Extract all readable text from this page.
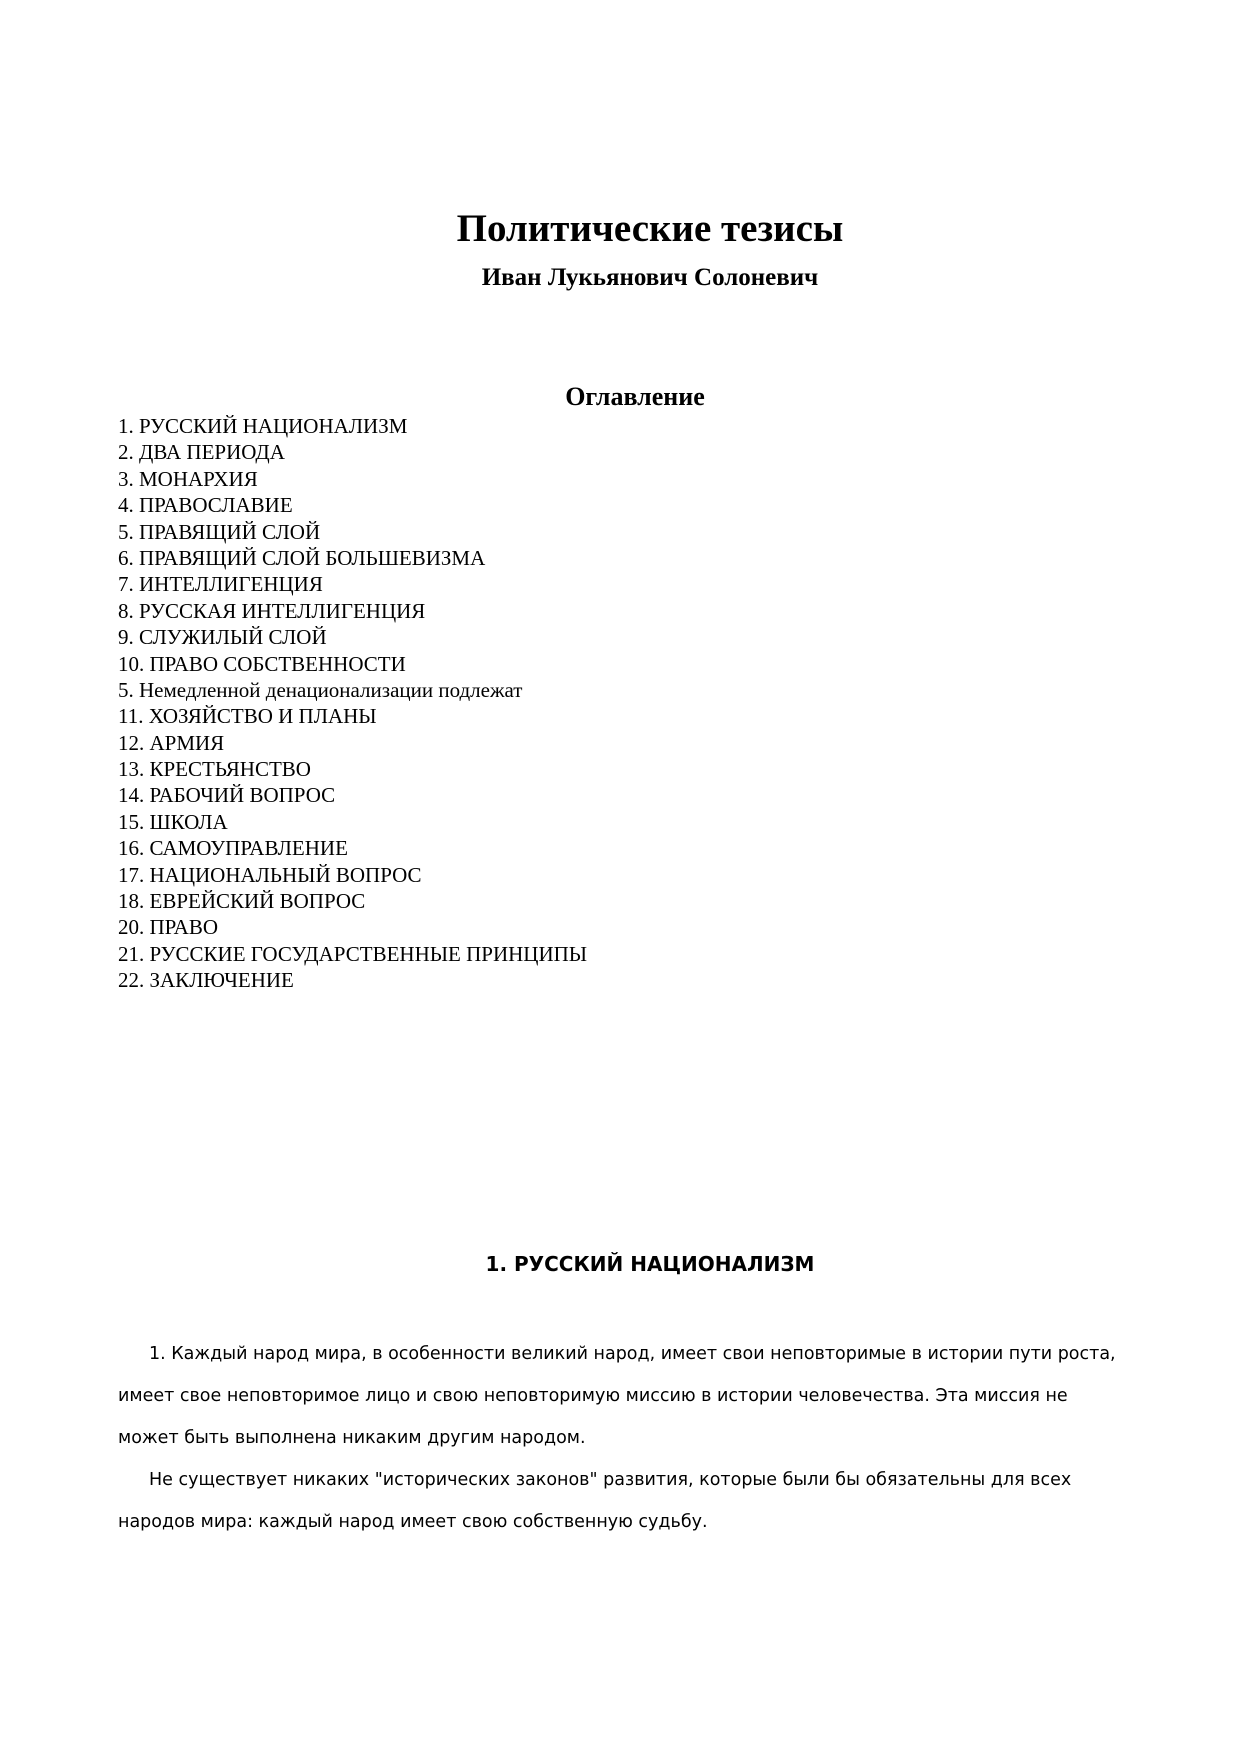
Политические тезисы
Иван Лукьянович Солоневич
Оглавление
1. РУССКИЙ НАЦИОНАЛИЗМ
2. ДВА ПЕРИОДА
3. МОНАРХИЯ
4. ПРАВОСЛАВИЕ
5. ПРАВЯЩИЙ СЛОЙ
6. ПРАВЯЩИЙ СЛОЙ БОЛЬШЕВИЗМА
7. ИНТЕЛЛИГЕНЦИЯ
8. РУССКАЯ ИНТЕЛЛИГЕНЦИЯ
9. СЛУЖИЛЫЙ СЛОЙ
10. ПРАВО СОБСТВЕННОСТИ
5. Немедленной денационализации подлежат
11. ХОЗЯЙСТВО И ПЛАНЫ
12. АРМИЯ
13. КРЕСТЬЯНСТВО
14. РАБОЧИЙ ВОПРОС
15. ШКОЛА
16. САМОУПРАВЛЕНИЕ
17. НАЦИОНАЛЬНЫЙ ВОПРОС
18. ЕВРЕЙСКИЙ ВОПРОС
20. ПРАВО
21. РУССКИЕ ГОСУДАРСТВЕННЫЕ ПРИНЦИПЫ
22. ЗАКЛЮЧЕНИЕ
1. РУССКИЙ НАЦИОНАЛИЗМ

1. Каждый народ мира, в особенности великий народ, имеет свои неповторимые в истории пути роста, имеет свое неповторимое лицо и свою неповторимую миссию в истории человечества. Эта миссия не может быть выполнена никаким другим народом.

Не существует никаких "исторических законов" развития, которые были бы обязательны для всех народов мира: каждый народ имеет свою собственную судьбу.
